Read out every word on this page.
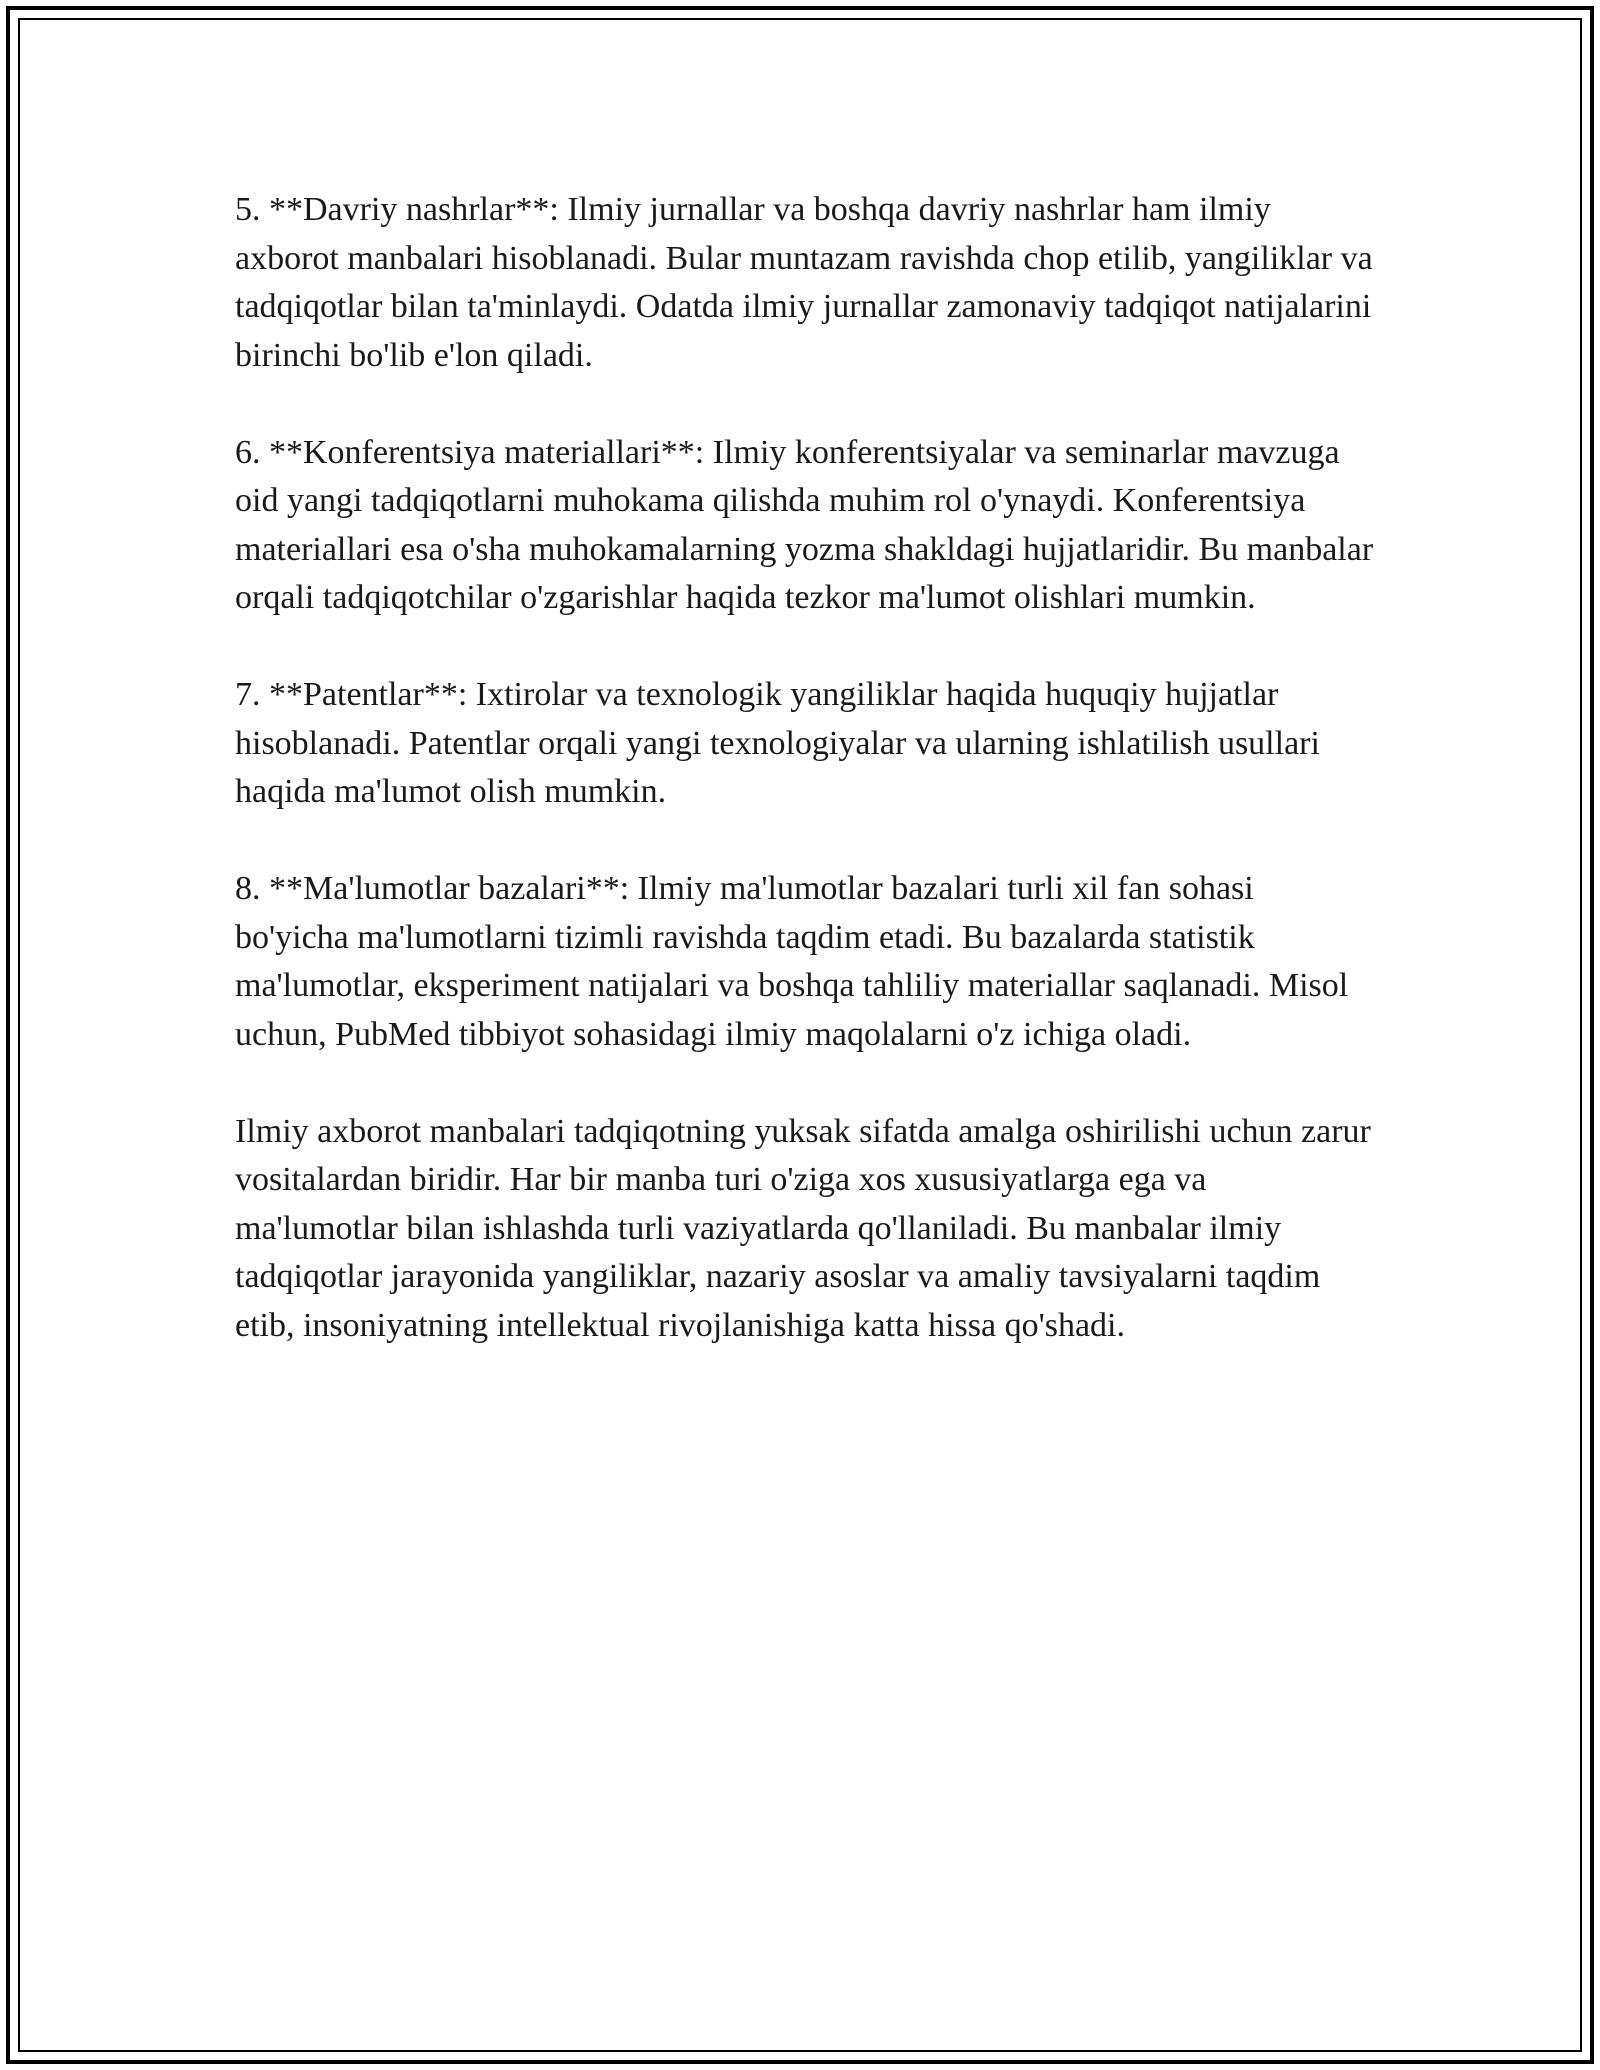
5. **Davriy nashrlar**: Ilmiy jurnallar va boshqa davriy nashrlar ham ilmiy axborot manbalari hisoblanadi. Bular muntazam ravishda chop etilib, yangiliklar va tadqiqotlar bilan ta'minlaydi. Odatda ilmiy jurnallar zamonaviy tadqiqot natijalarini birinchi bo'lib e'lon qiladi.

6. **Konferentsiya materiallari**: Ilmiy konferentsiyalar va seminarlar mavzuga oid yangi tadqiqotlarni muhokama qilishda muhim rol o'ynaydi. Konferentsiya materiallari esa o'sha muhokamalarning yozma shakldagi hujjatlaridir. Bu manbalar orqali tadqiqotchilar o'zgarishlar haqida tezkor ma'lumot olishlari mumkin.

7. **Patentlar**: Ixtirolar va texnologik yangiliklar haqida huquqiy hujjatlar hisoblanadi. Patentlar orqali yangi texnologiyalar va ularning ishlatilish usullari haqida ma'lumot olish mumkin.

8. **Ma'lumotlar bazalari**: Ilmiy ma'lumotlar bazalari turli xil fan sohasi bo'yicha ma'lumotlarni tizimli ravishda taqdim etadi. Bu bazalarda statistik ma'lumotlar, eksperiment natijalari va boshqa tahliliy materiallar saqlanadi. Misol uchun, PubMed tibbiyot sohasidagi ilmiy maqolalarni o'z ichiga oladi.

Ilmiy axborot manbalari tadqiqotning yuksak sifatda amalga oshirilishi uchun zarur vositalardan biridir. Har bir manba turi o'ziga xos xususiyatlarga ega va ma'lumotlar bilan ishlashda turli vaziyatlarda qo'llaniladi. Bu manbalar ilmiy tadqiqotlar jarayonida yangiliklar, nazariy asoslar va amaliy tavsiyalarni taqdim etib, insoniyatning intellektual rivojlanishiga katta hissa qo'shadi.
